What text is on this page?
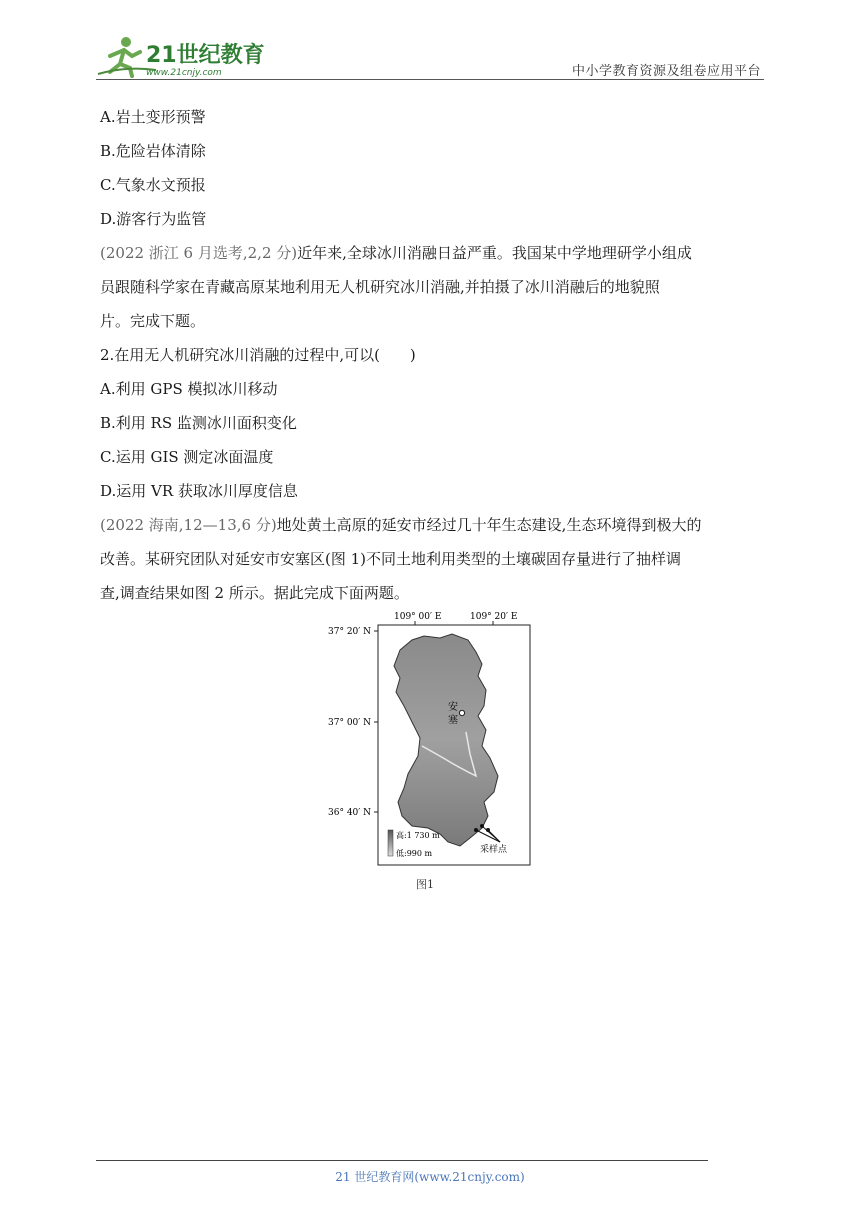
21世纪教育
www.21cnjy.com	中小学教育资源及组卷应用平台
A.岩土变形预警
B.危险岩体清除
C.气象水文预报
D.游客行为监管
(2022 浙江 6 月选考,2,2 分)近年来,全球冰川消融日益严重。我国某中学地理研学小组成
员跟随科学家在青藏高原某地利用无人机研究冰川消融,并拍摄了冰川消融后的地貌照
片。完成下题。
2.在用无人机研究冰川消融的过程中,可以(　　)
A.利用 GPS 模拟冰川移动
B.利用 RS 监测冰川面积变化
C.运用 GIS 测定冰面温度
D.运用 VR 获取冰川厚度信息
(2022 海南,12—13,6 分)地处黄土高原的延安市经过几十年生态建设,生态环境得到极大的
改善。某研究团队对延安市安塞区(图 1)不同土地利用类型的土壤碳固存量进行了抽样调
查,调查结果如图 2 所示。据此完成下面两题。
109° 00′ E	109° 20′ E
37° 20′ N
37° 00′ N
36° 40′ N
安
塞
采样点
高:1 730 m
低:990 m
图1
21 世纪教育网(www.21cnjy.com)
